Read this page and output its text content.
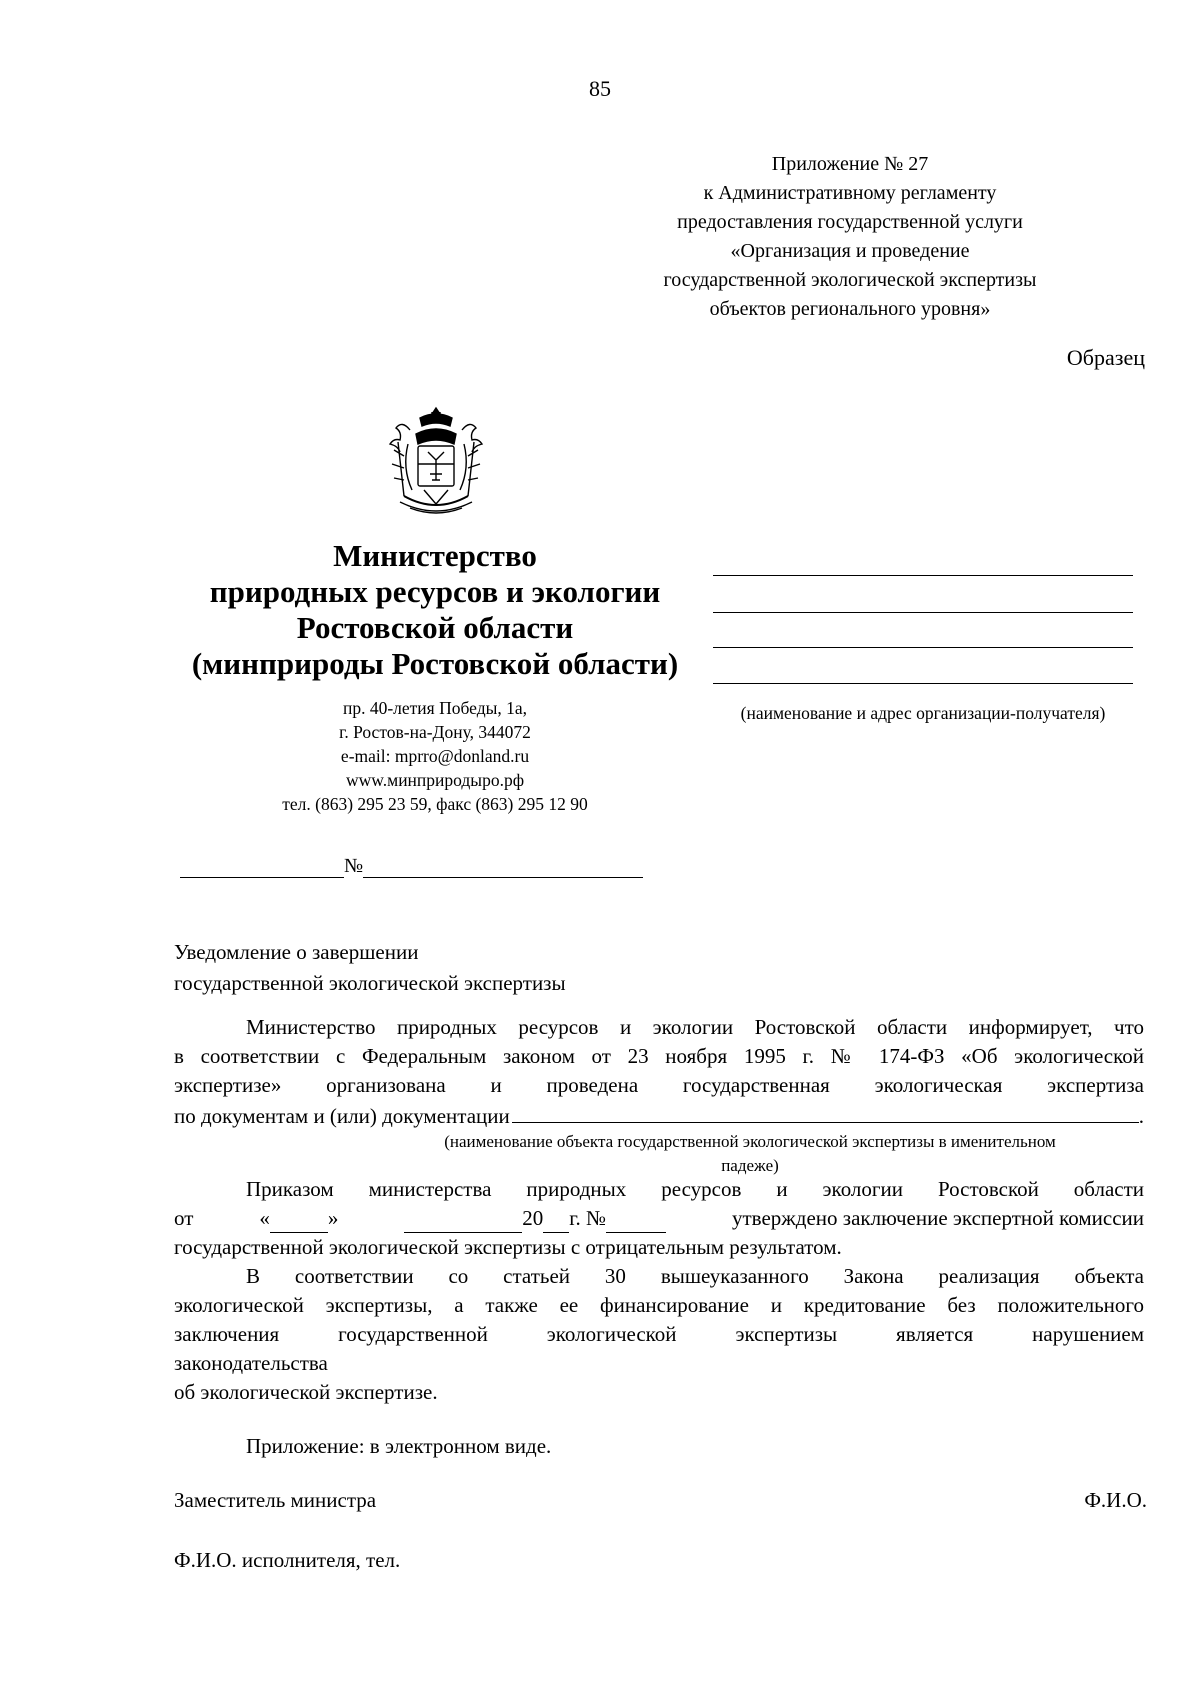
85
Приложение № 27
к Административному регламенту
предоставления государственной услуги
«Организация и проведение
государственной экологической экспертизы
объектов регионального уровня»
Образец
Министерство
природных ресурсов и экологии
Ростовской области
(минприроды Ростовской области)
пр. 40-летия Победы, 1а,
г. Ростов-на-Дону, 344072
e-mail: mprro@donland.ru
www.минприродыро.рф
тел. (863) 295 23 59, факс (863) 295 12 90
(наименование и адрес организации-получателя)
№
Уведомление о завершении
государственной экологической экспертизы
Министерство природных ресурсов и экологии Ростовской области информирует, что
в соответствии с Федеральным законом от 23 ноября 1995 г. № 174-ФЗ «Об экологической
экспертизе» организована и проведена государственная экологическая экспертиза
по документам и (или) документации	.
(наименование объекта государственной экологической экспертизы в именительном
падеже)
Приказом министерства природных ресурсов и экологии Ростовской области
от	«	»	20 г. №	утверждено заключение экспертной комиссии
государственной экологической экспертизы с отрицательным результатом.
В соответствии со статьей 30 вышеуказанного Закона реализация объекта
экологической экспертизы, а также ее финансирование и кредитование без положительного
заключения государственной экологической экспертизы является нарушением
законодательства
об экологической экспертизе.
Приложение: в электронном виде.
Заместитель министра	Ф.И.О.
Ф.И.О. исполнителя, тел.
